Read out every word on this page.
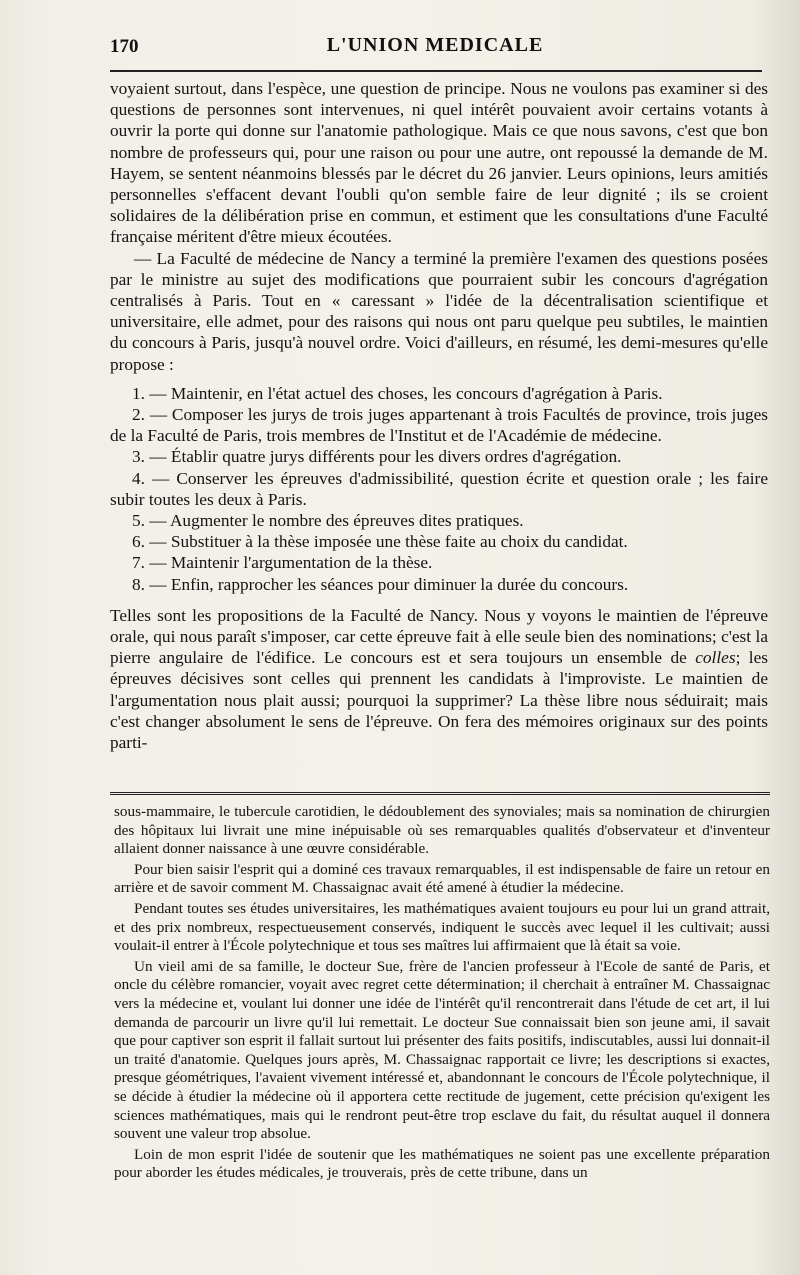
170	L'UNION MEDICALE

voyaient surtout, dans l'espèce, une question de principe. Nous ne voulons pas examiner si des questions de personnes sont intervenues, ni quel intérêt pouvaient avoir certains votants à ouvrir la porte qui donne sur l'anatomie pathologique. Mais ce que nous savons, c'est que bon nombre de professeurs qui, pour une raison ou pour une autre, ont repoussé la demande de M. Hayem, se sentent néanmoins blessés par le décret du 26 janvier. Leurs opinions, leurs amitiés personnelles s'effacent devant l'oubli qu'on semble faire de leur dignité ; ils se croient solidaires de la délibération prise en commun, et estiment que les consultations d'une Faculté française méritent d'être mieux écoutées.

— La Faculté de médecine de Nancy a terminé la première l'examen des questions posées par le ministre au sujet des modifications que pourraient subir les concours d'agrégation centralisés à Paris. Tout en « caressant » l'idée de la décentralisation scientifique et universitaire, elle admet, pour des raisons qui nous ont paru quelque peu subtiles, le maintien du concours à Paris, jusqu'à nouvel ordre. Voici d'ailleurs, en résumé, les demi-mesures qu'elle propose :

1. — Maintenir, en l'état actuel des choses, les concours d'agrégation à Paris.
2. — Composer les jurys de trois juges appartenant à trois Facultés de province, trois juges de la Faculté de Paris, trois membres de l'Institut et de l'Académie de médecine.
3. — Établir quatre jurys différents pour les divers ordres d'agrégation.
4. — Conserver les épreuves d'admissibilité, question écrite et question orale ; les faire subir toutes les deux à Paris.
5. — Augmenter le nombre des épreuves dites pratiques.
6. — Substituer à la thèse imposée une thèse faite au choix du candidat.
7. — Maintenir l'argumentation de la thèse.
8. — Enfin, rapprocher les séances pour diminuer la durée du concours.

Telles sont les propositions de la Faculté de Nancy. Nous y voyons le maintien de l'épreuve orale, qui nous paraît s'imposer, car cette épreuve fait à elle seule bien des nominations; c'est la pierre angulaire de l'édifice. Le concours est et sera toujours un ensemble de colles; les épreuves décisives sont celles qui prennent les candidats à l'improviste. Le maintien de l'argumentation nous plait aussi; pourquoi la supprimer? La thèse libre nous séduirait; mais c'est changer absolument le sens de l'épreuve. On fera des mémoires originaux sur des points parti-

sous-mammaire, le tubercule carotidien, le dédoublement des synoviales; mais sa nomination de chirurgien des hôpitaux lui livrait une mine inépuisable où ses remarquables qualités d'observateur et d'inventeur allaient donner naissance à une œuvre considérable.

Pour bien saisir l'esprit qui a dominé ces travaux remarquables, il est indispensable de faire un retour en arrière et de savoir comment M. Chassaignac avait été amené à étudier la médecine.

Pendant toutes ses études universitaires, les mathématiques avaient toujours eu pour lui un grand attrait, et des prix nombreux, respectueusement conservés, indiquent le succès avec lequel il les cultivait; aussi voulait-il entrer à l'École polytechnique et tous ses maîtres lui affirmaient que là était sa voie.

Un vieil ami de sa famille, le docteur Sue, frère de l'ancien professeur à l'Ecole de santé de Paris, et oncle du célèbre romancier, voyait avec regret cette détermination; il cherchait à entraîner M. Chassaignac vers la médecine et, voulant lui donner une idée de l'intérêt qu'il rencontrerait dans l'étude de cet art, il lui demanda de parcourir un livre qu'il lui remettait. Le docteur Sue connaissait bien son jeune ami, il savait que pour captiver son esprit il fallait surtout lui présenter des faits positifs, indiscutables, aussi lui donnait-il un traité d'anatomie. Quelques jours après, M. Chassaignac rapportait ce livre; les descriptions si exactes, presque géométriques, l'avaient vivement intéressé et, abandonnant le concours de l'École polytechnique, il se décide à étudier la médecine où il apportera cette rectitude de jugement, cette précision qu'exigent les sciences mathématiques, mais qui le rendront peut-être trop esclave du fait, du résultat auquel il donnera souvent une valeur trop absolue.

Loin de mon esprit l'idée de soutenir que les mathématiques ne soient pas une excellente préparation pour aborder les études médicales, je trouverais, près de cette tribune, dans un
